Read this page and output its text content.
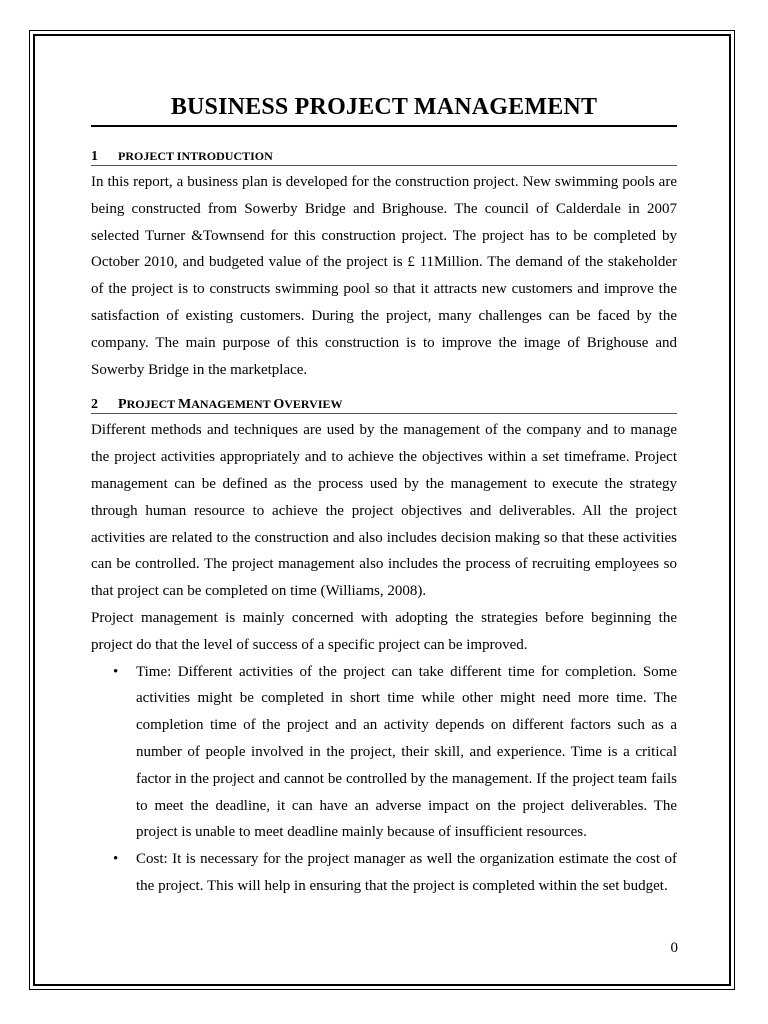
BUSINESS PROJECT MANAGEMENT
1	PROJECT INTRODUCTION

In this report, a business plan is developed for the construction project. New swimming pools are being constructed from Sowerby Bridge and Brighouse. The council of Calderdale in 2007 selected Turner &Townsend for this construction project. The project has to be completed by October 2010, and budgeted value of the project is £ 11Million. The demand of the stakeholder of the project is to constructs swimming pool so that it attracts new customers and improve the satisfaction of existing customers. During the project, many challenges can be faced by the company. The main purpose of this construction is to improve the image of Brighouse and Sowerby Bridge in the marketplace.

2	PROJECT MANAGEMENT OVERVIEW

Different methods and techniques are used by the management of the company and to manage the project activities appropriately and to achieve the objectives within a set timeframe. Project management can be defined as the process used by the management to execute the strategy through human resource to achieve the project objectives and deliverables. All the project activities are related to the construction and also includes decision making so that these activities can be controlled. The project management also includes the process of recruiting employees so that project can be completed on time (Williams, 2008).

Project management is mainly concerned with adopting the strategies before beginning the project do that the level of success of a specific project can be improved.

• Time: Different activities of the project can take different time for completion. Some activities might be completed in short time while other might need more time. The completion time of the project and an activity depends on different factors such as a number of people involved in the project, their skill, and experience. Time is a critical factor in the project and cannot be controlled by the management. If the project team fails to meet the deadline, it can have an adverse impact on the project deliverables. The project is unable to meet deadline mainly because of insufficient resources.
• Cost: It is necessary for the project manager as well the organization estimate the cost of the project. This will help in ensuring that the project is completed within the set budget.
0
